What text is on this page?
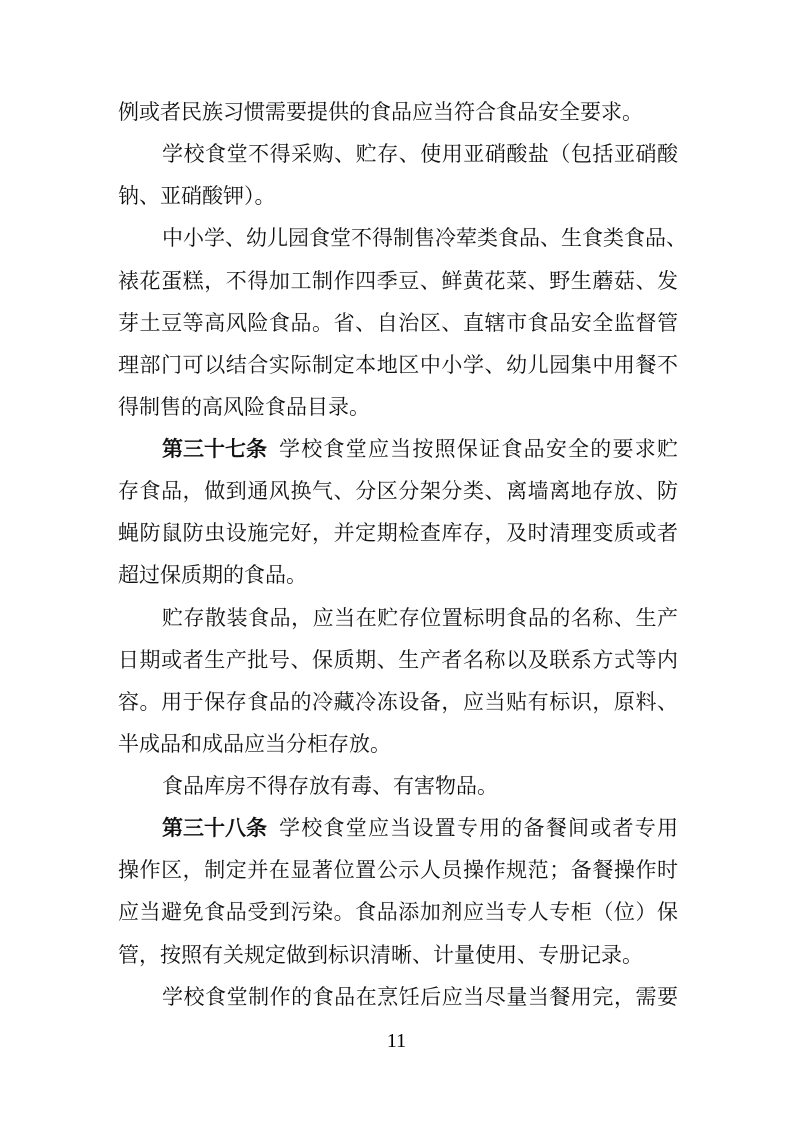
例或者民族习惯需要提供的食品应当符合食品安全要求。
学校食堂不得采购、贮存、使用亚硝酸盐（包括亚硝酸
钠、亚硝酸钾）。
中小学、幼儿园食堂不得制售冷荤类食品、生食类食品、
裱花蛋糕，不得加工制作四季豆、鲜黄花菜、野生蘑菇、发
芽土豆等高风险食品。省、自治区、直辖市食品安全监督管
理部门可以结合实际制定本地区中小学、幼儿园集中用餐不
得制售的高风险食品目录。
第三十七条 学校食堂应当按照保证食品安全的要求贮
存食品，做到通风换气、分区分架分类、离墙离地存放、防
蝇防鼠防虫设施完好，并定期检查库存，及时清理变质或者
超过保质期的食品。
贮存散装食品，应当在贮存位置标明食品的名称、生产
日期或者生产批号、保质期、生产者名称以及联系方式等内
容。用于保存食品的冷藏冷冻设备，应当贴有标识，原料、
半成品和成品应当分柜存放。
食品库房不得存放有毒、有害物品。
第三十八条 学校食堂应当设置专用的备餐间或者专用
操作区，制定并在显著位置公示人员操作规范；备餐操作时
应当避免食品受到污染。食品添加剂应当专人专柜（位）保
管，按照有关规定做到标识清晰、计量使用、专册记录。
学校食堂制作的食品在烹饪后应当尽量当餐用完，需要
11
